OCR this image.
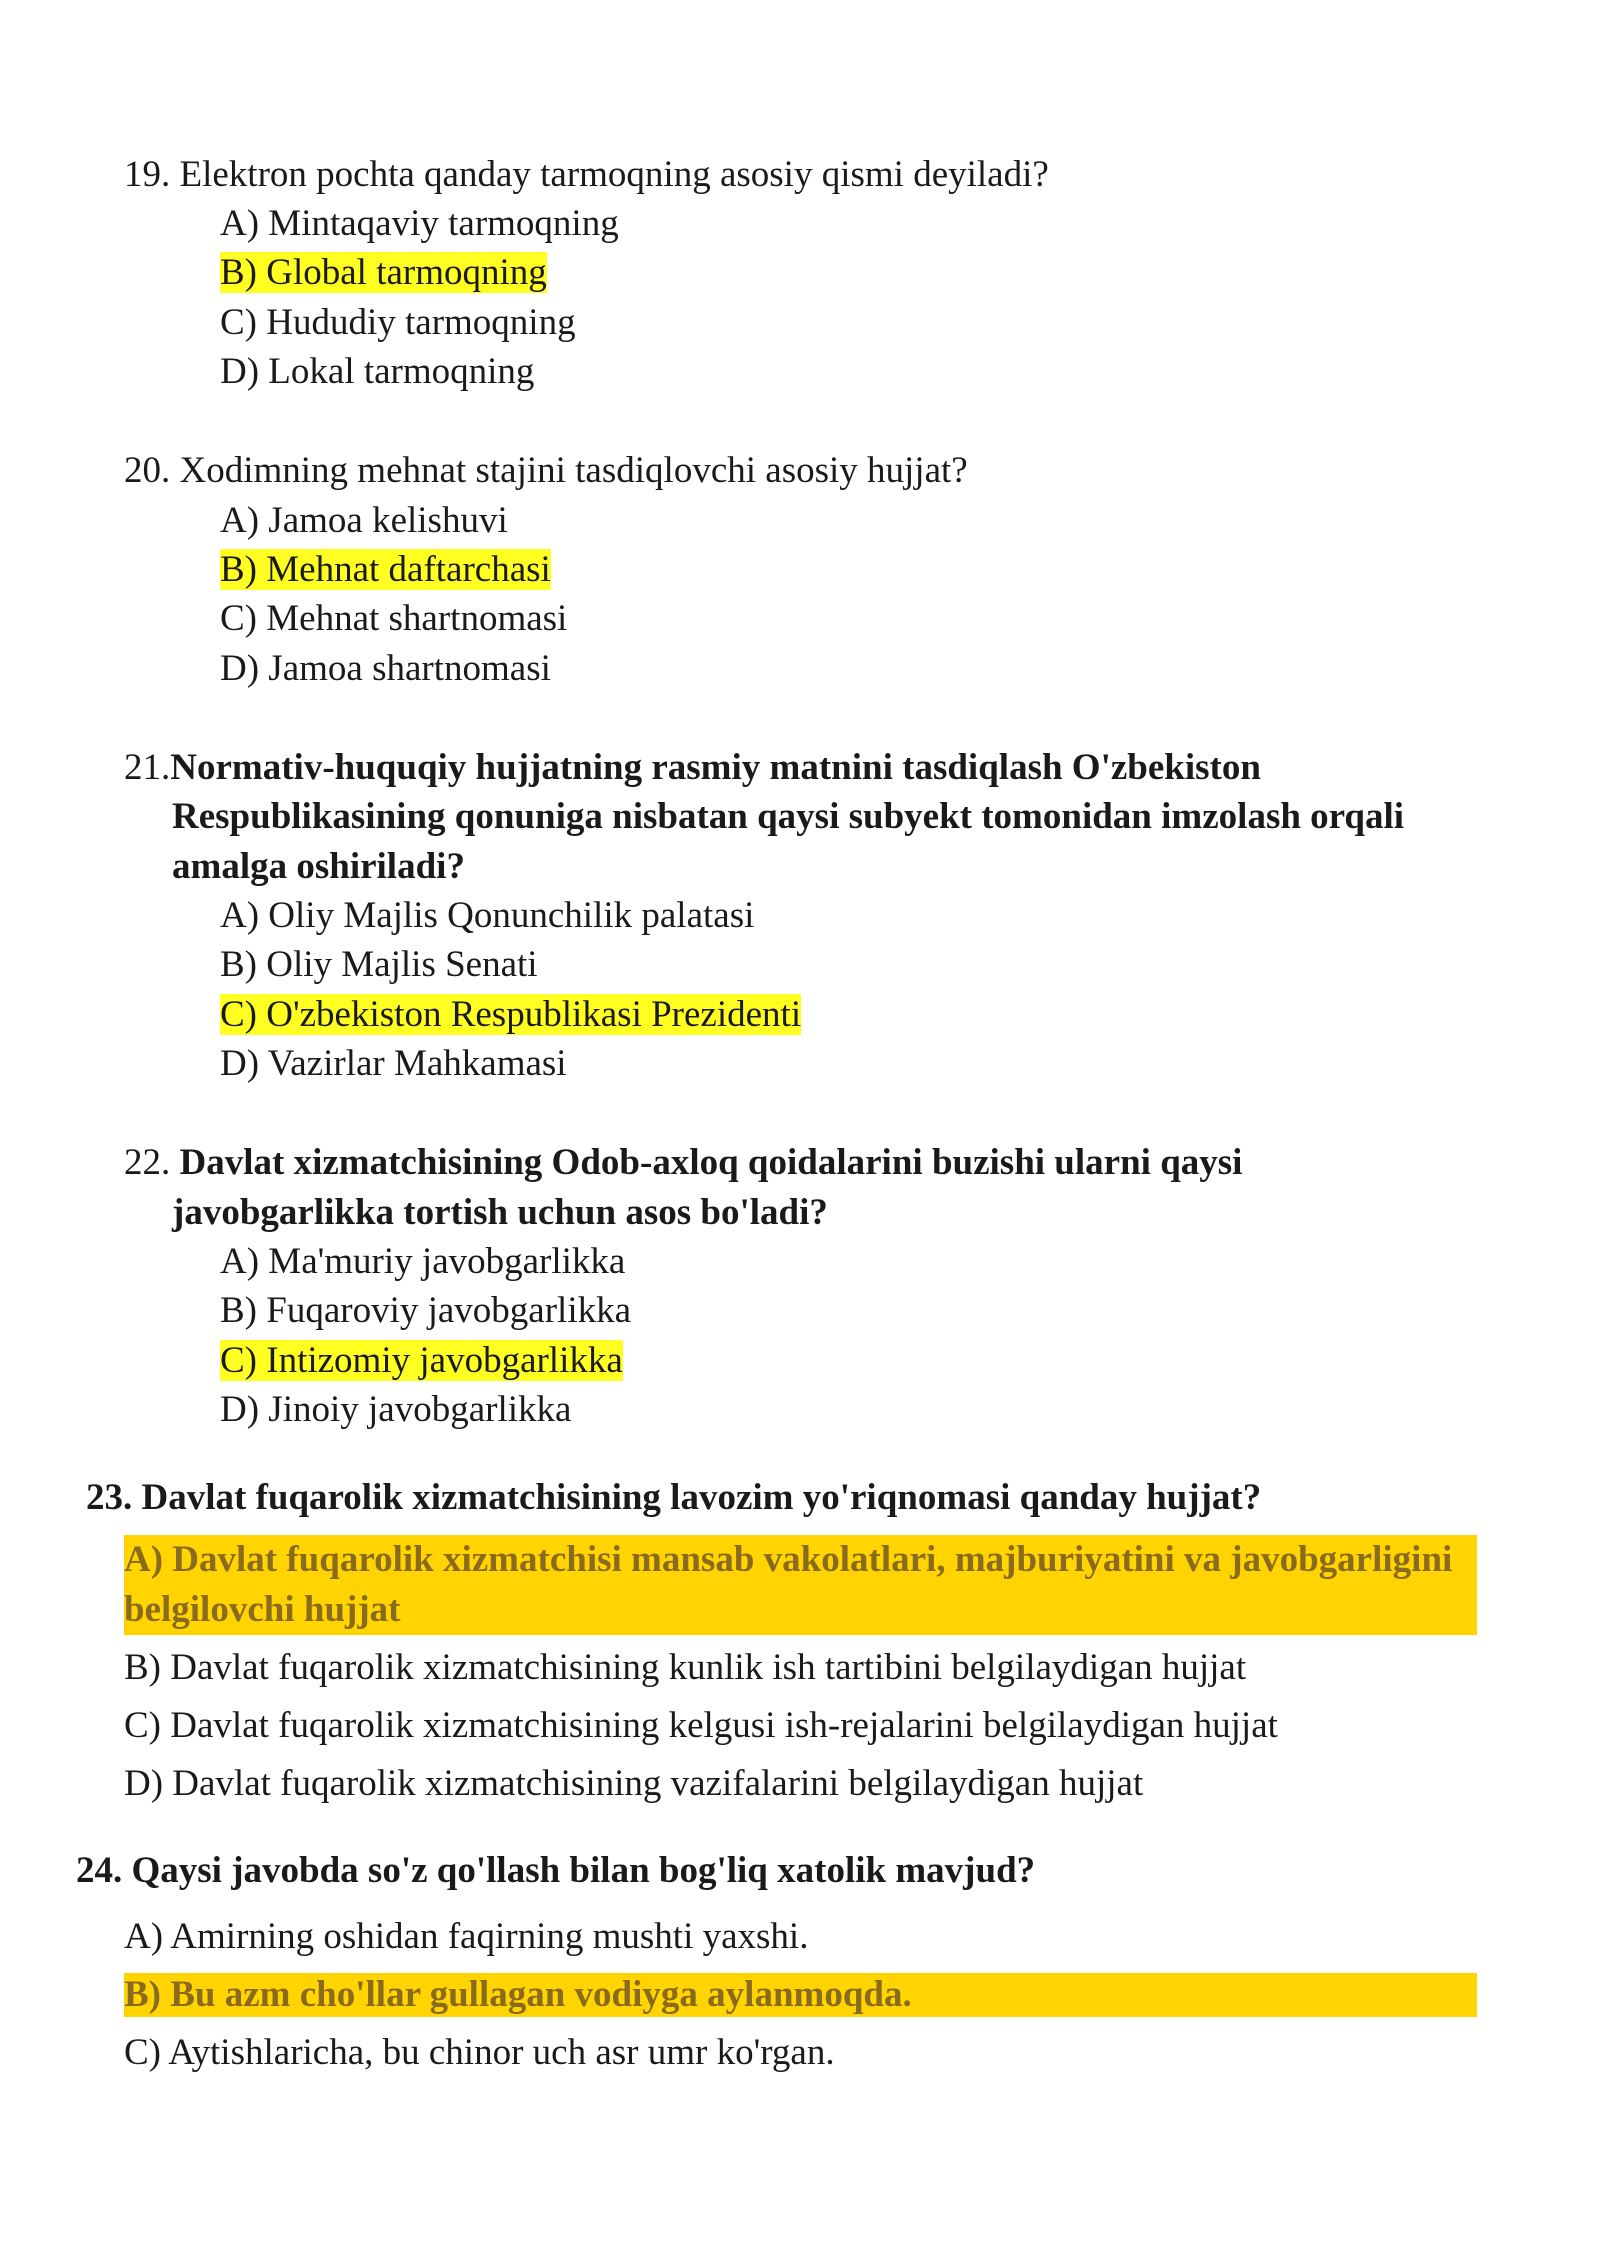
19. Elektron pochta qanday tarmoqning asosiy qismi deyiladi?
A) Mintaqaviy tarmoqning
B) Global tarmoqning
C) Hududiy tarmoqning
D) Lokal tarmoqning
20. Xodimning mehnat stajini tasdiqlovchi asosiy hujjat?
A) Jamoa kelishuvi
B) Mehnat daftarchasi
C) Mehnat shartnomasi
D) Jamoa shartnomasi
21.Normativ-huquqiy hujjatning rasmiy matnini tasdiqlash O'zbekiston
Respublikasining qonuniga nisbatan qaysi subyekt tomonidan imzolash orqali
amalga oshiriladi?
A) Oliy Majlis Qonunchilik palatasi
B) Oliy Majlis Senati
C) O'zbekiston Respublikasi Prezidenti
D) Vazirlar Mahkamasi
22. Davlat xizmatchisining Odob-axloq qoidalarini buzishi ularni qaysi
javobgarlikka tortish uchun asos bo'ladi?
A) Ma'muriy javobgarlikka
B) Fuqaroviy javobgarlikka
C) Intizomiy javobgarlikka
D) Jinoiy javobgarlikka
23. Davlat fuqarolik xizmatchisining lavozim yo'riqnomasi qanday hujjat?
A) Davlat fuqarolik xizmatchisi mansab vakolatlari, majburiyatini va javobgarligini
belgilovchi hujjat
B) Davlat fuqarolik xizmatchisining kunlik ish tartibini belgilaydigan hujjat
C) Davlat fuqarolik xizmatchisining kelgusi ish-rejalarini belgilaydigan hujjat
D) Davlat fuqarolik xizmatchisining vazifalarini belgilaydigan hujjat
24. Qaysi javobda so'z qo'llash bilan bog'liq xatolik mavjud?
A) Amirning oshidan faqirning mushti yaxshi.
B) Bu azm cho'llar gullagan vodiyga aylanmoqda.
C) Aytishlaricha, bu chinor uch asr umr ko'rgan.
